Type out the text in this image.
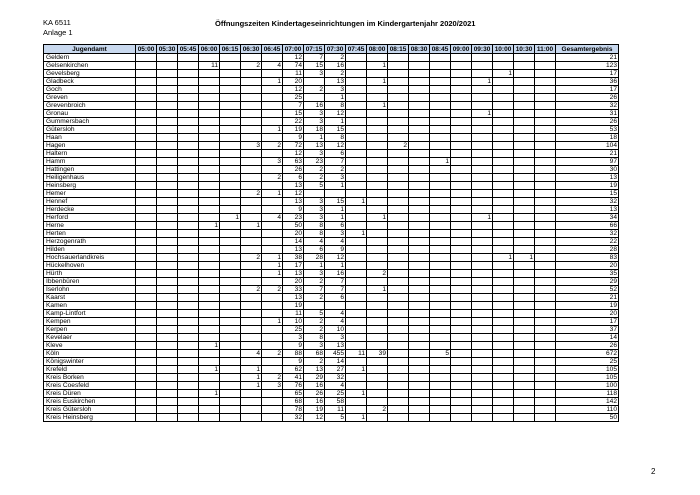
KA 6511
Anlage 1
Öffnungszeiten Kindertageseinrichtungen im Kindergartenjahr 2020/2021
Jugendamt	05:00	05:30	05:45	06:00	06:15	06:30	06:45	07:00	07:15	07:30	07:45	08:00	08:15	08:30	08:45	09:00	09:30	10:00	10:30	11:00	Gesamtergebnis
Geldern								12	7	2											21
Gelsenkirchen				11		2	4	74	15	16		1									123
Gevelsberg								11	3	2								1			17
Gladbeck							1	20		13		1					1				36
Goch								12	2	3											17
Greven								25		1											26
Grevenbroich								7	16	8		1									32
Gronau								15	3	12							1				31
Gummersbach								22	3	1											26
Gütersloh							1	19	18	15											53
Haan								9	1	8											18
Hagen						3	2	72	13	12			2								104
Haltern								12	3	6											21
Hamm							3	63	23	7					1						97
Hattingen								26	2	2											30
Heiligenhaus							2	6	2	3											13
Heinsberg								13	5	1											19
Hemer						2	1	12													15
Hennef								13	3	15	1										32
Herdecke								9	3	1											13
Herford					1		4	23	3	1		1					1				34
Herne				1		1		50	8	6											66
Herten								20	8	3	1										32
Herzogenrath								14	4	4											22
Hilden								13	6	9											28
Hochsauerlandkreis						2	1	38	28	12								1	1		83
Hückelhoven							1	17	1	1											20
Hürth							1	13	3	16		2									35
Ibbenbüren								20	2	7											29
Iserlohn						2	2	33	7	7		1									52
Kaarst								13	2	6											21
Kamen								19													19
Kamp-Lintfort								11	5	4											20
Kempen							1	10	2	4											17
Kerpen								25	2	10											37
Kevelaer								3	8	3											14
Kleve				1				9	3	13											26
Köln						4	2	88	68	455	11	39			5						672
Königswinter								9	2	14											25
Krefeld				1		1		62	13	27	1										105
Kreis Borken						1	2	41	29	32											105
Kreis Coesfeld						1	3	76	16	4											100
Kreis Düren				1				65	26	25	1										118
Kreis Euskirchen								68	16	58											142
Kreis Gütersloh								78	19	11		2									110
Kreis Heinsberg								32	12	5	1										50
2
